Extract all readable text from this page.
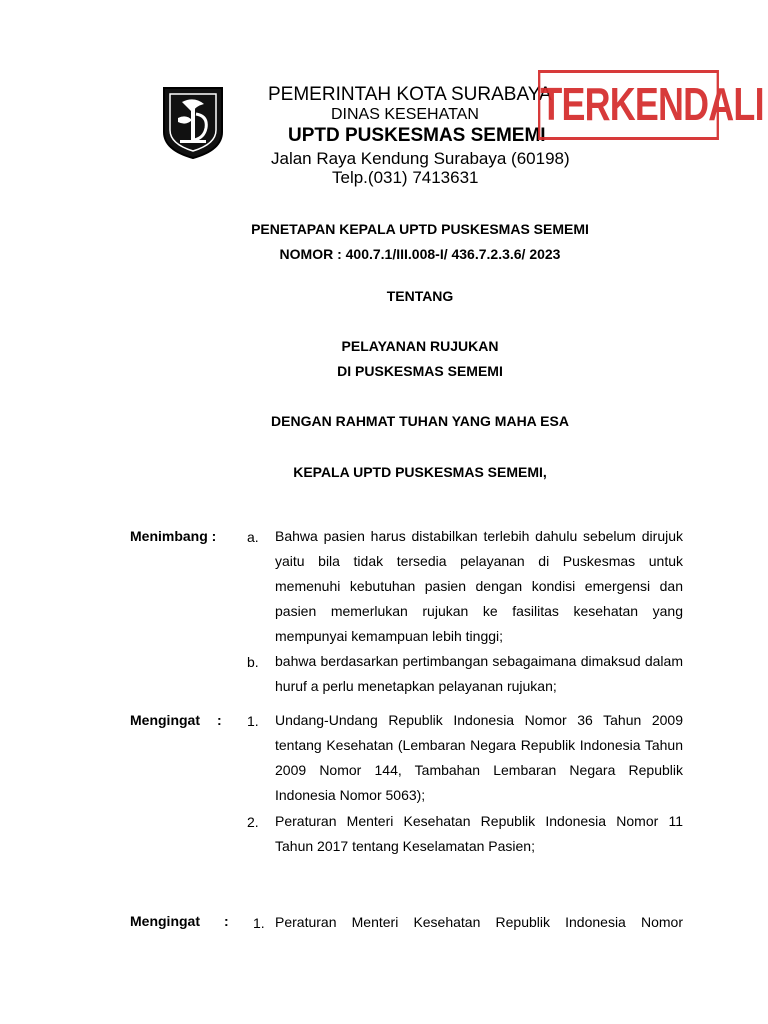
PEMERINTAH KOTA SURABAYA
DINAS KESEHATAN
UPTD PUSKESMAS SEMEMI
Jalan Raya Kendung Surabaya (60198)
Telp.(031) 7413631
TERKENDALI
PENETAPAN KEPALA UPTD PUSKESMAS SEMEMI
NOMOR : 400.7.1/III.008-I/ 436.7.2.3.6/ 2023
TENTANG
PELAYANAN RUJUKAN
DI PUSKESMAS SEMEMI
DENGAN RAHMAT TUHAN YANG MAHA ESA
KEPALA UPTD PUSKESMAS SEMEMI,
Menimbang : a. Bahwa pasien harus distabilkan terlebih dahulu sebelum dirujuk yaitu bila tidak tersedia pelayanan di Puskesmas untuk memenuhi kebutuhan pasien dengan kondisi emergensi dan pasien memerlukan rujukan ke fasilitas kesehatan yang mempunyai kemampuan lebih tinggi;
b. bahwa berdasarkan pertimbangan sebagaimana dimaksud dalam huruf a perlu menetapkan pelayanan rujukan;
Mengingat : 1. Undang-Undang Republik Indonesia Nomor 36 Tahun 2009 tentang Kesehatan (Lembaran Negara Republik Indonesia Tahun 2009 Nomor 144, Tambahan Lembaran Negara Republik Indonesia Nomor 5063);
2. Peraturan Menteri Kesehatan Republik Indonesia Nomor 11 Tahun 2017 tentang Keselamatan Pasien;
Mengingat : 1. Peraturan Menteri Kesehatan Republik Indonesia Nomor
